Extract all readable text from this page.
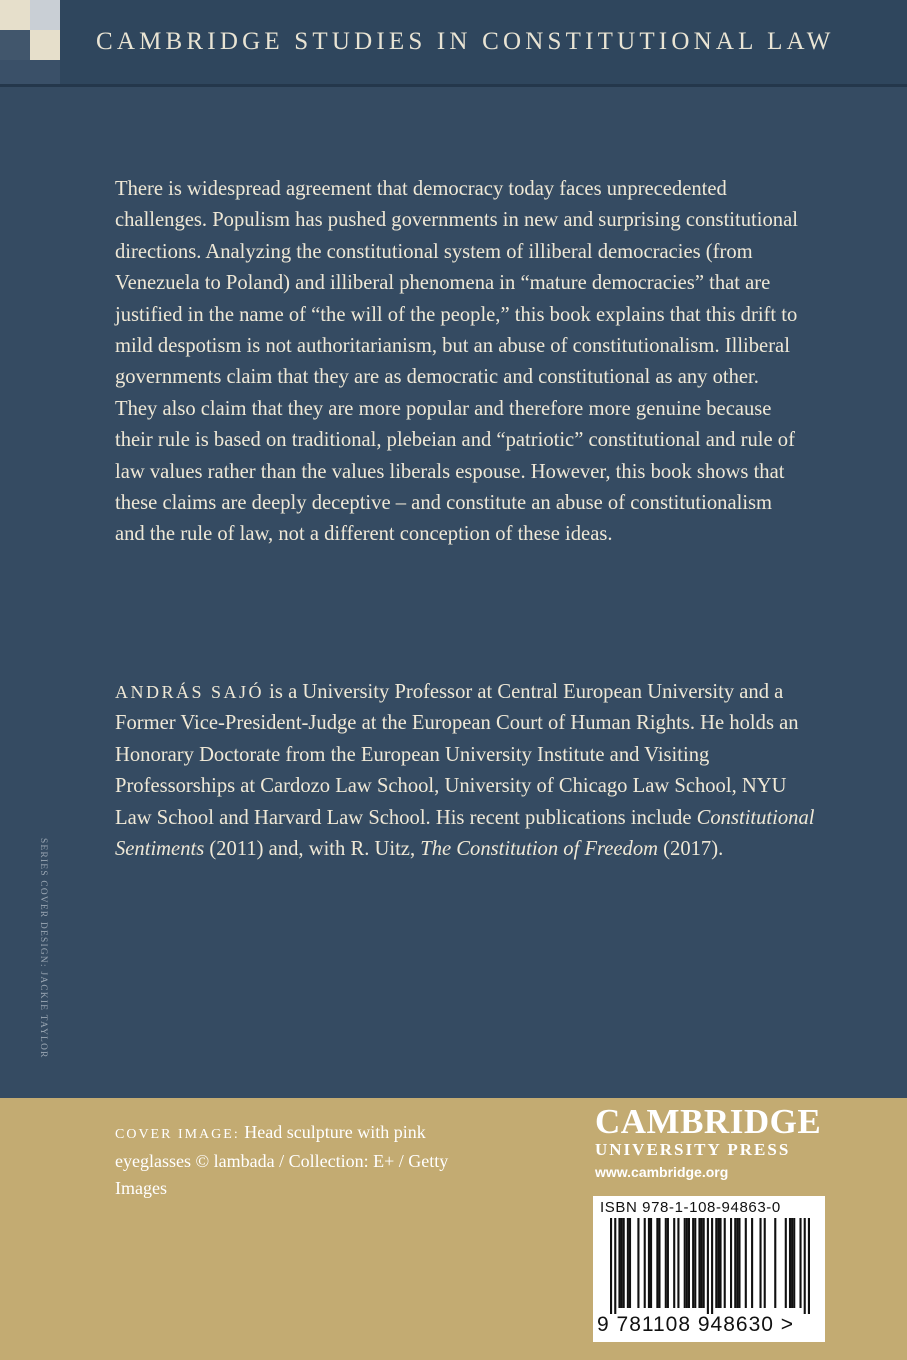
CAMBRIDGE STUDIES IN CONSTITUTIONAL LAW

There is widespread agreement that democracy today faces unprecedented challenges. Populism has pushed governments in new and surprising constitutional directions. Analyzing the constitutional system of illiberal democracies (from Venezuela to Poland) and illiberal phenomena in “mature democracies” that are justified in the name of “the will of the people,” this book explains that this drift to mild despotism is not authoritarianism, but an abuse of constitutionalism. Illiberal governments claim that they are as democratic and constitutional as any other. They also claim that they are more popular and therefore more genuine because their rule is based on traditional, plebeian and “patriotic” constitutional and rule of law values rather than the values liberals espouse. However, this book shows that these claims are deeply deceptive – and constitute an abuse of constitutionalism and the rule of law, not a different conception of these ideas.

ANDRÁS SAJÓ is a University Professor at Central European University and a Former Vice-President-Judge at the European Court of Human Rights. He holds an Honorary Doctorate from the European University Institute and Visiting Professorships at Cardozo Law School, University of Chicago Law School, NYU Law School and Harvard Law School. His recent publications include Constitutional Sentiments (2011) and, with R. Uitz, The Constitution of Freedom (2017).

SERIES COVER DESIGN: JACKIE TAYLOR
COVER IMAGE: Head sculpture with pink eyeglasses © lambada / Collection: E+ / Getty Images
CAMBRIDGE
UNIVERSITY PRESS
www.cambridge.org
ISBN 978-1-108-94863-0
9 781108 948630 >
